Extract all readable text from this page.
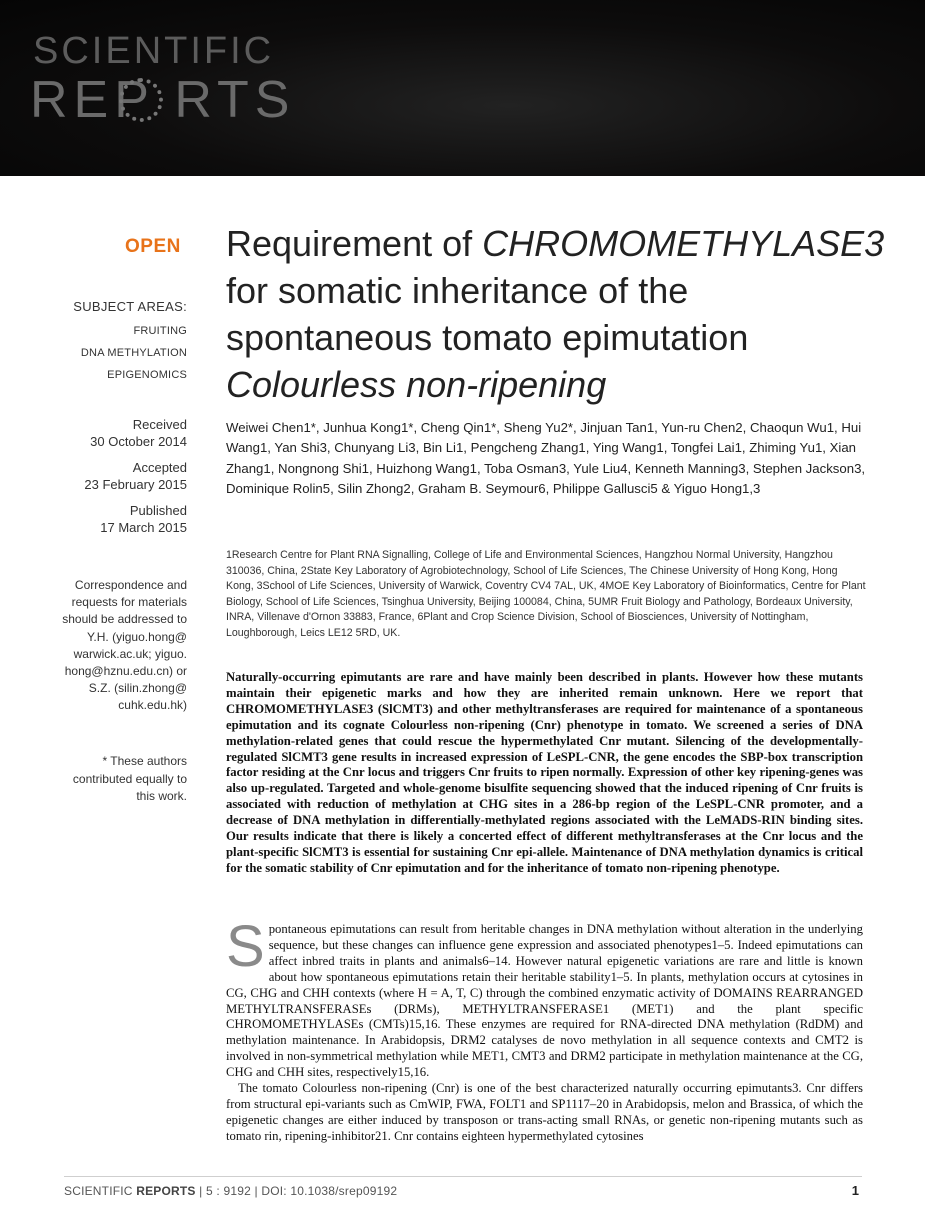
SCIENTIFIC
REP RTS
OPEN
SUBJECT AREAS:
FRUITING
DNA METHYLATION
EPIGENOMICS
Received
30 October 2014
Accepted
23 February 2015
Published
17 March 2015
Correspondence and
requests for materials
should be addressed to
Y.H. (yiguo.hong@
warwick.ac.uk; yiguo.
hong@hznu.edu.cn) or
S.Z. (silin.zhong@
cuhk.edu.hk)
* These authors
contributed equally to
this work.
Requirement of CHROMOMETHYLASE3
for somatic inheritance of the
spontaneous tomato epimutation
Colourless non-ripening
Weiwei Chen1*, Junhua Kong1*, Cheng Qin1*, Sheng Yu2*, Jinjuan Tan1, Yun-ru Chen2, Chaoqun Wu1, Hui Wang1, Yan Shi3, Chunyang Li3, Bin Li1, Pengcheng Zhang1, Ying Wang1, Tongfei Lai1, Zhiming Yu1, Xian Zhang1, Nongnong Shi1, Huizhong Wang1, Toba Osman3, Yule Liu4, Kenneth Manning3, Stephen Jackson3, Dominique Rolin5, Silin Zhong2, Graham B. Seymour6, Philippe Gallusci5 & Yiguo Hong1,3
1Research Centre for Plant RNA Signalling, College of Life and Environmental Sciences, Hangzhou Normal University, Hangzhou 310036, China, 2State Key Laboratory of Agrobiotechnology, School of Life Sciences, The Chinese University of Hong Kong, Hong Kong, 3School of Life Sciences, University of Warwick, Coventry CV4 7AL, UK, 4MOE Key Laboratory of Bioinformatics, Centre for Plant Biology, School of Life Sciences, Tsinghua University, Beijing 100084, China, 5UMR Fruit Biology and Pathology, Bordeaux University, INRA, Villenave d'Ornon 33883, France, 6Plant and Crop Science Division, School of Biosciences, University of Nottingham, Loughborough, Leics LE12 5RD, UK.
Naturally-occurring epimutants are rare and have mainly been described in plants. However how these mutants maintain their epigenetic marks and how they are inherited remain unknown. Here we report that CHROMOMETHYLASE3 (SlCMT3) and other methyltransferases are required for maintenance of a spontaneous epimutation and its cognate Colourless non-ripening (Cnr) phenotype in tomato. We screened a series of DNA methylation-related genes that could rescue the hypermethylated Cnr mutant. Silencing of the developmentally-regulated SlCMT3 gene results in increased expression of LeSPL-CNR, the gene encodes the SBP-box transcription factor residing at the Cnr locus and triggers Cnr fruits to ripen normally. Expression of other key ripening-genes was also up-regulated. Targeted and whole-genome bisulfite sequencing showed that the induced ripening of Cnr fruits is associated with reduction of methylation at CHG sites in a 286-bp region of the LeSPL-CNR promoter, and a decrease of DNA methylation in differentially-methylated regions associated with the LeMADS-RIN binding sites. Our results indicate that there is likely a concerted effect of different methyltransferases at the Cnr locus and the plant-specific SlCMT3 is essential for sustaining Cnr epi-allele. Maintenance of DNA methylation dynamics is critical for the somatic stability of Cnr epimutation and for the inheritance of tomato non-ripening phenotype.

Spontaneous epimutations can result from heritable changes in DNA methylation without alteration in the underlying sequence, but these changes can influence gene expression and associated phenotypes1–5. Indeed epimutations can affect inbred traits in plants and animals6–14. However natural epigenetic variations are rare and little is known about how spontaneous epimutations retain their heritable stability1–5. In plants, methylation occurs at cytosines in CG, CHG and CHH contexts (where H = A, T, C) through the combined enzymatic activity of DOMAINS REARRANGED METHYLTRANSFERASEs (DRMs), METHYLTRANSFERASE1 (MET1) and the plant specific CHROMOMETHYLASEs (CMTs)15,16. These enzymes are required for RNA-directed DNA methylation (RdDM) and methylation maintenance. In Arabidopsis, DRM2 catalyses de novo methylation in all sequence contexts and CMT2 is involved in non-symmetrical methylation while MET1, CMT3 and DRM2 participate in methylation maintenance at the CG, CHG and CHH sites, respectively15,16.

The tomato Colourless non-ripening (Cnr) is one of the best characterized naturally occurring epimutants3. Cnr differs from structural epi-variants such as CmWIP, FWA, FOLT1 and SP1117–20 in Arabidopsis, melon and Brassica, of which the epigenetic changes are either induced by transposon or trans-acting small RNAs, or genetic non-ripening mutants such as tomato rin, ripening-inhibitor21. Cnr contains eighteen hypermethylated cytosines

SCIENTIFIC REPORTS | 5 : 9192 | DOI: 10.1038/srep09192	1
